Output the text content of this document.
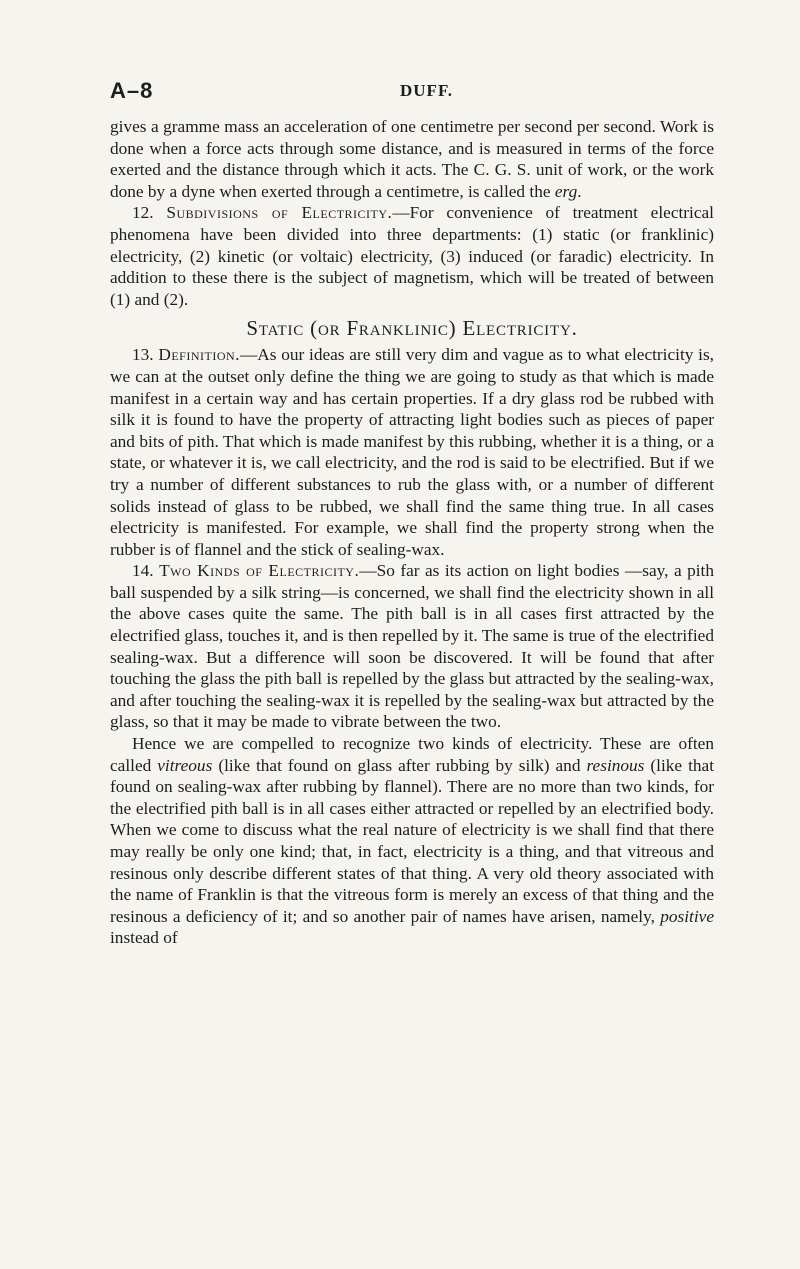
A–8	DUFF.

gives a gramme mass an acceleration of one centimetre per second per second. Work is done when a force acts through some distance, and is measured in terms of the force exerted and the distance through which it acts. The C. G. S. unit of work, or the work done by a dyne when exerted through a centimetre, is called the erg.

12. Subdivisions of Electricity.—For convenience of treatment electrical phenomena have been divided into three departments: (1) static (or franklinic) electricity, (2) kinetic (or voltaic) electricity, (3) induced (or faradic) electricity. In addition to these there is the subject of magnetism, which will be treated of between (1) and (2).

Static (or Franklinic) Electricity.

13. Definition.—As our ideas are still very dim and vague as to what electricity is, we can at the outset only define the thing we are going to study as that which is made manifest in a certain way and has certain properties. If a dry glass rod be rubbed with silk it is found to have the property of attracting light bodies such as pieces of paper and bits of pith. That which is made manifest by this rubbing, whether it is a thing, or a state, or whatever it is, we call electricity, and the rod is said to be electrified. But if we try a number of different substances to rub the glass with, or a number of different solids instead of glass to be rubbed, we shall find the same thing true. In all cases electricity is manifested. For example, we shall find the property strong when the rubber is of flannel and the stick of sealing-wax.

14. Two Kinds of Electricity.—So far as its action on light bodies —say, a pith ball suspended by a silk string—is concerned, we shall find the electricity shown in all the above cases quite the same. The pith ball is in all cases first attracted by the electrified glass, touches it, and is then repelled by it. The same is true of the electrified sealing-wax. But a difference will soon be discovered. It will be found that after touching the glass the pith ball is repelled by the glass but attracted by the sealing-wax, and after touching the sealing-wax it is repelled by the sealing-wax but attracted by the glass, so that it may be made to vibrate between the two.

Hence we are compelled to recognize two kinds of electricity. These are often called vitreous (like that found on glass after rubbing by silk) and resinous (like that found on sealing-wax after rubbing by flannel). There are no more than two kinds, for the electrified pith ball is in all cases either attracted or repelled by an electrified body. When we come to discuss what the real nature of electricity is we shall find that there may really be only one kind; that, in fact, electricity is a thing, and that vitreous and resinous only describe different states of that thing. A very old theory associated with the name of Franklin is that the vitreous form is merely an excess of that thing and the resinous a deficiency of it; and so another pair of names have arisen, namely, positive instead of
